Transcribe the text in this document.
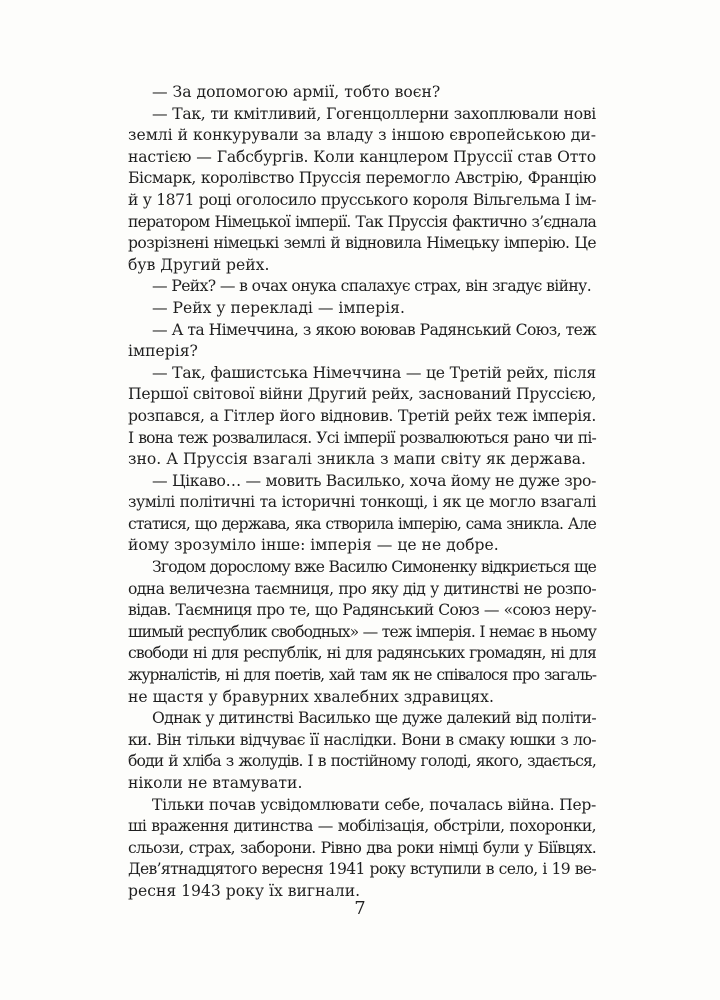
— За допомогою армії, тобто воєн?
— Так, ти кмітливий, Гогенцоллерни захоплювали нові
землі й конкурували за владу з іншою європейською ди-
настією — Габсбургів. Коли канцлером Пруссії став Отто
Бісмарк, королівство Пруссія перемогло Австрію, Францію
й у 1871 році оголосило прусського короля Вільгельма І ім-
ператором Німецької імперії. Так Пруссія фактично з’єднала
розрізнені німецькі землі й відновила Німецьку імперію. Це
був Другий рейх.
— Рейх? — в очах онука спалахує страх, він згадує війну.
— Рейх у перекладі — імперія.
— А та Німеччина, з якою воював Радянський Союз, теж
імперія?
— Так, фашистська Німеччина — це Третій рейх, після
Першої світової війни Другий рейх, заснований Пруссією,
розпався, а Гітлер його відновив. Третій рейх теж імперія.
І вона теж розвалилася. Усі імперії розвалюються рано чи пі-
зно. А Пруссія взагалі зникла з мапи світу як держава.
— Цікаво… — мовить Василько, хоча йому не дуже зро-
зумілі політичні та історичні тонкощі, і як це могло взагалі
статися, що держава, яка створила імперію, сама зникла. Але
йому зрозуміло інше: імперія — це не добре.
Згодом дорослому вже Василю Симоненку відкриється ще
одна величезна таємниця, про яку дід у дитинстві не розпо-
відав. Таємниця про те, що Радянський Союз — «союз нeру-
шимый республик свободных» — теж імперія. І немає в ньому
свободи ні для республік, ні для радянських громадян, ні для
журналістів, ні для поетів, хай там як не співалося про загаль-
не щастя у бравурних хвалебних здравицях.
Однак у дитинстві Василько ще дуже далекий від політи-
ки. Він тільки відчуває її наслідки. Вони в смаку юшки з ло-
боди й хліба з жолудів. І в постійному голоді, якого, здається,
ніколи не втамувати.
Тільки почав усвідомлювати себе, почалась війна. Пер-
ші враження дитинства — мобілізація, обстріли, похоронки,
сльози, страх, заборони. Рівно два роки німці були у Біївцях.
Дев’ятнадцятого вересня 1941 року вступили в село, і 19 ве-
ресня 1943 року їх вигнали.
7
